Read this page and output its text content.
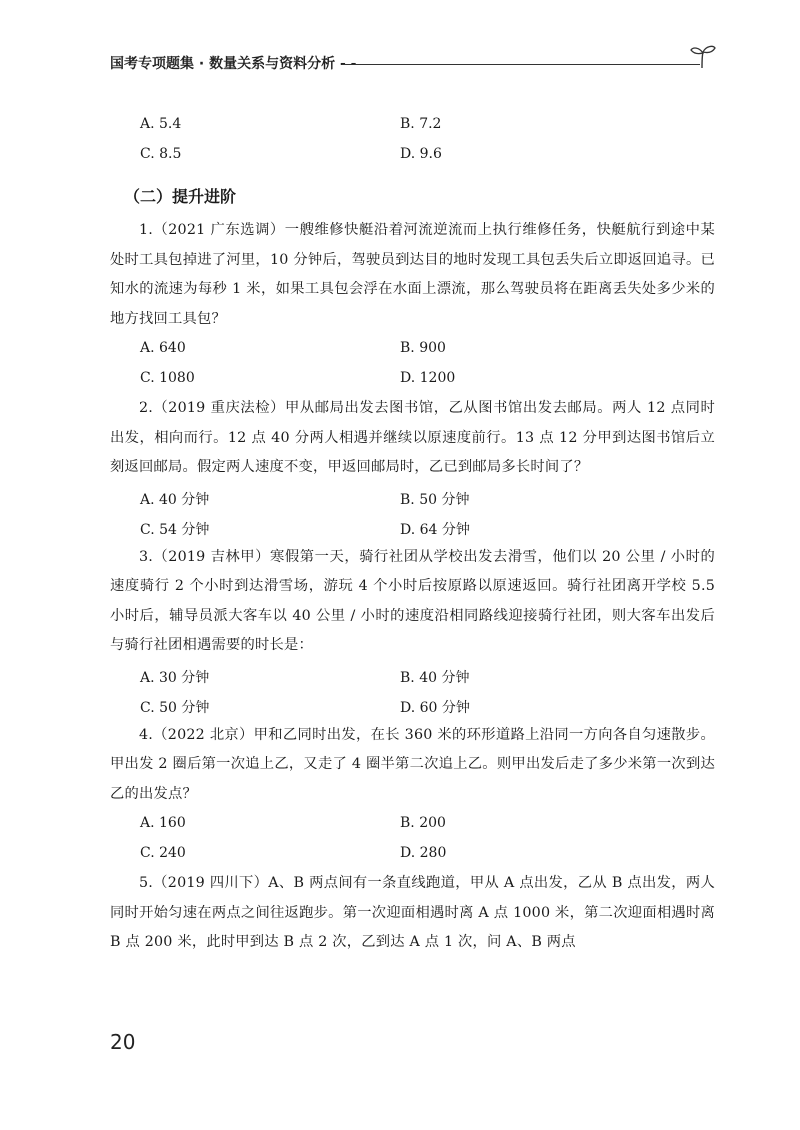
国考专项题集 · 数量关系与资料分析 - -
A. 5.4	B. 7.2
C. 8.5	D. 9.6
（二）提升进阶

1.（2021 广东选调）一艘维修快艇沿着河流逆流而上执行维修任务，快艇航行到途中某处时工具包掉进了河里，10 分钟后，驾驶员到达目的地时发现工具包丢失后立即返回追寻。已知水的流速为每秒 1 米，如果工具包会浮在水面上漂流，那么驾驶员将在距离丢失处多少米的地方找回工具包？

A. 640	B. 900
C. 1080	D. 1200

2.（2019 重庆法检）甲从邮局出发去图书馆，乙从图书馆出发去邮局。两人 12 点同时出发，相向而行。12 点 40 分两人相遇并继续以原速度前行。13 点 12 分甲到达图书馆后立刻返回邮局。假定两人速度不变，甲返回邮局时，乙已到邮局多长时间了？

A. 40 分钟	B. 50 分钟
C. 54 分钟	D. 64 分钟

3.（2019 吉林甲）寒假第一天，骑行社团从学校出发去滑雪，他们以 20 公里 / 小时的速度骑行 2 个小时到达滑雪场，游玩 4 个小时后按原路以原速返回。骑行社团离开学校 5.5 小时后，辅导员派大客车以 40 公里 / 小时的速度沿相同路线迎接骑行社团，则大客车出发后与骑行社团相遇需要的时长是：

A. 30 分钟	B. 40 分钟
C. 50 分钟	D. 60 分钟

4.（2022 北京）甲和乙同时出发，在长 360 米的环形道路上沿同一方向各自匀速散步。甲出发 2 圈后第一次追上乙，又走了 4 圈半第二次追上乙。则甲出发后走了多少米第一次到达乙的出发点？

A. 160	B. 200
C. 240	D. 280

5.（2019 四川下）A、B 两点间有一条直线跑道，甲从 A 点出发，乙从 B 点出发，两人同时开始匀速在两点之间往返跑步。第一次迎面相遇时离 A 点 1000 米，第二次迎面相遇时离 B 点 200 米，此时甲到达 B 点 2 次，乙到达 A 点 1 次，问 A、B 两点

20
